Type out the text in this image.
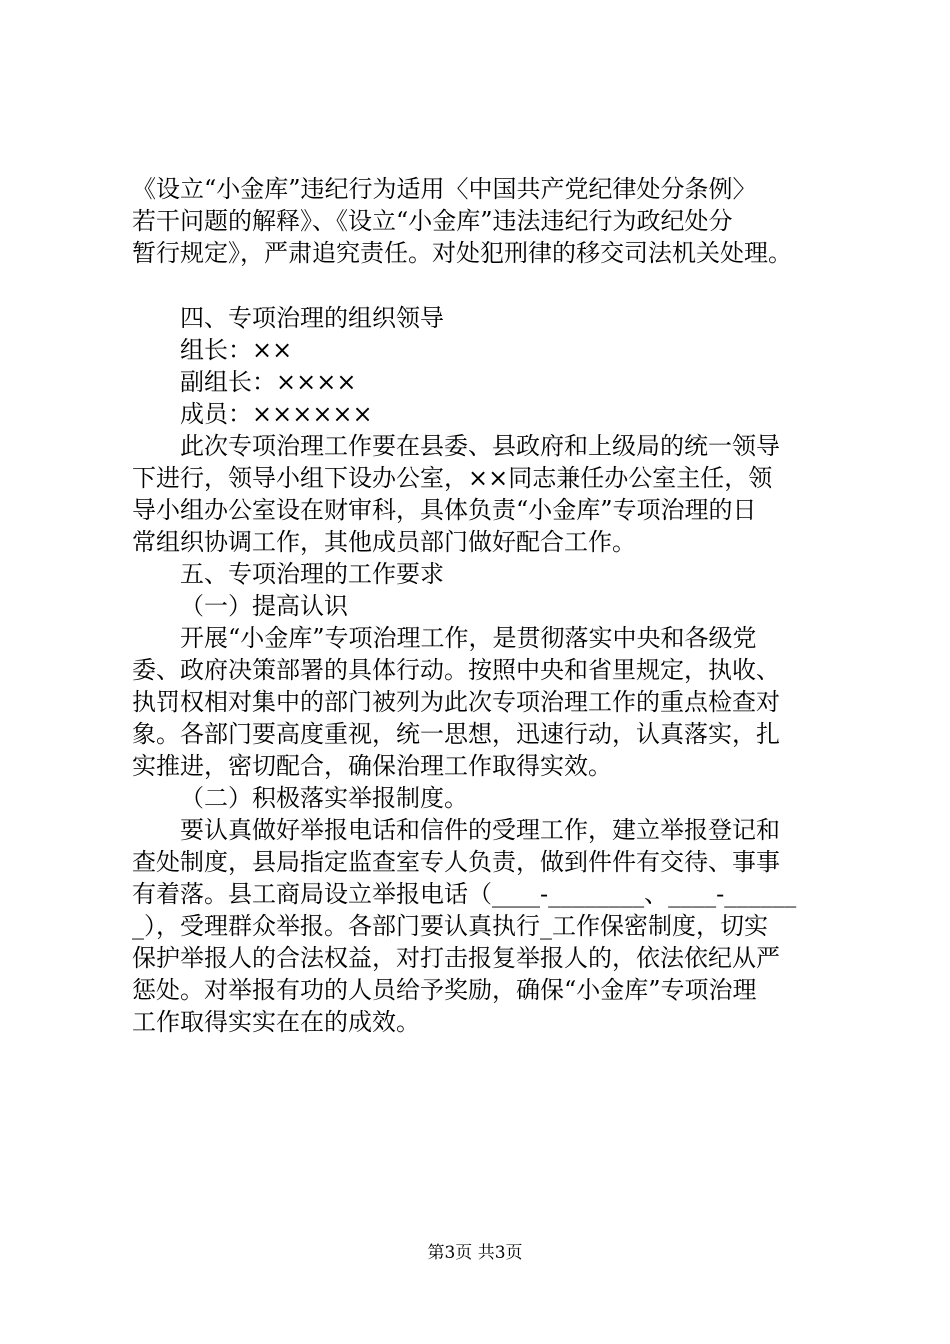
《设立“小金库”违纪行为适用〈中国共产党纪律处分条例〉
若干问题的解释》、《设立“小金库”违法违纪行为政纪处分
暂行规定》，严肃追究责任。对处犯刑律的移交司法机关处理。
四、专项治理的组织领导
组长：××
副组长：××××
成员：××××××
此次专项治理工作要在县委、县政府和上级局的统一领导
下进行，领导小组下设办公室，××同志兼任办公室主任，领
导小组办公室设在财审科，具体负责“小金库”专项治理的日
常组织协调工作，其他成员部门做好配合工作。
五、专项治理的工作要求
（一）提高认识
开展“小金库”专项治理工作，是贯彻落实中央和各级党
委、政府决策部署的具体行动。按照中央和省里规定，执收、
执罚权相对集中的部门被列为此次专项治理工作的重点检查对
象。各部门要高度重视，统一思想，迅速行动，认真落实，扎
实推进，密切配合，确保治理工作取得实效。
（二）积极落实举报制度。
要认真做好举报电话和信件的受理工作，建立举报登记和
查处制度，县局指定监查室专人负责，做到件件有交待、事事
有着落。县工商局设立举报电话（____-________、____-______
_），受理群众举报。各部门要认真执行_工作保密制度，切实
保护举报人的合法权益，对打击报复举报人的，依法依纪从严
惩处。对举报有功的人员给予奖励，确保“小金库”专项治理
工作取得实实在在的成效。
第3页 共3页
